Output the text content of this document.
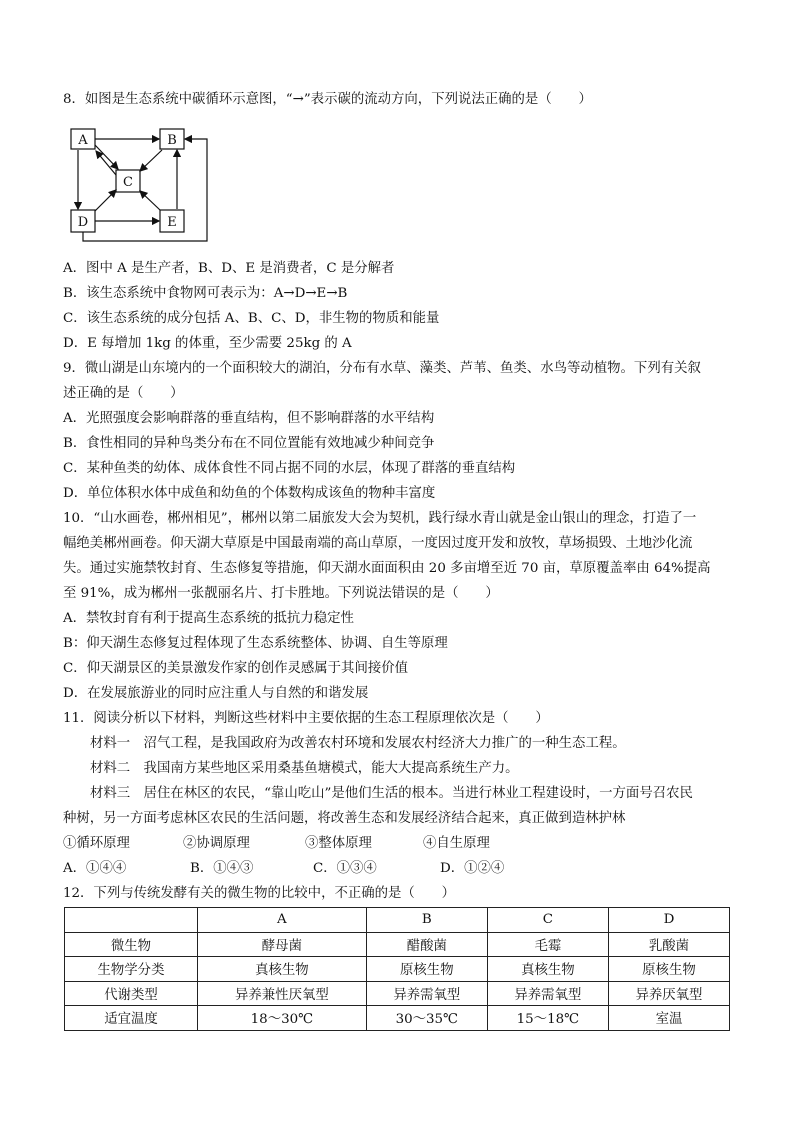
8．如图是生态系统中碳循环示意图，“→”表示碳的流动方向，下列说法正确的是（　　）
A	B
C
D	E
A．图中 A 是生产者，B、D、E 是消费者，C 是分解者
B．该生态系统中食物网可表示为：A→D→E→B
C．该生态系统的成分包括 A、B、C、D，非生物的物质和能量
D．E 每增加 1kg 的体重，至少需要 25kg 的 A
9．微山湖是山东境内的一个面积较大的湖泊，分布有水草、藻类、芦苇、鱼类、水鸟等动植物。下列有关叙
述正确的是（　　）
A．光照强度会影响群落的垂直结构，但不影响群落的水平结构
B．食性相同的异种鸟类分布在不同位置能有效地减少种间竞争
C．某种鱼类的幼体、成体食性不同占据不同的水层，体现了群落的垂直结构
D．单位体积水体中成鱼和幼鱼的个体数构成该鱼的物种丰富度
10．“山水画卷，郴州相见”，郴州以第二届旅发大会为契机，践行绿水青山就是金山银山的理念，打造了一
幅绝美郴州画卷。仰天湖大草原是中国最南端的高山草原，一度因过度开发和放牧，草场损毁、土地沙化流
失。通过实施禁牧封育、生态修复等措施，仰天湖水面面积由 20 多亩增至近 70 亩，草原覆盖率由 64%提高
至 91%，成为郴州一张靓丽名片、打卡胜地。下列说法错误的是（　　）
A．禁牧封育有利于提高生态系统的抵抗力稳定性
B：仰天湖生态修复过程体现了生态系统整体、协调、自生等原理
C．仰天湖景区的美景激发作家的创作灵感属于其间接价值
D．在发展旅游业的同时应注重人与自然的和谐发展
11．阅读分析以下材料，判断这些材料中主要依据的生态工程原理依次是（　　）
材料一　沼气工程，是我国政府为改善农村环境和发展农村经济大力推广的一种生态工程。
材料二　我国南方某些地区采用桑基鱼塘模式，能大大提高系统生产力。
材料三　居住在林区的农民，“靠山吃山”是他们生活的根本。当进行林业工程建设时，一方面号召农民
种树，另一方面考虑林区农民的生活问题，将改善生态和发展经济结合起来，真正做到造林护林
①循环原理	②协调原理	③整体原理	④自生原理
A．①④④	B．①④③	C．①③④	D．①②④
12．下列与传统发酵有关的微生物的比较中，不正确的是（　　）
	A	B	C	D
微生物	酵母菌	醋酸菌	毛霉	乳酸菌
生物学分类	真核生物	原核生物	真核生物	原核生物
代谢类型	异养兼性厌氧型	异养需氧型	异养需氧型	异养厌氧型
适宜温度	18～30℃	30～35℃	15～18℃	室温
